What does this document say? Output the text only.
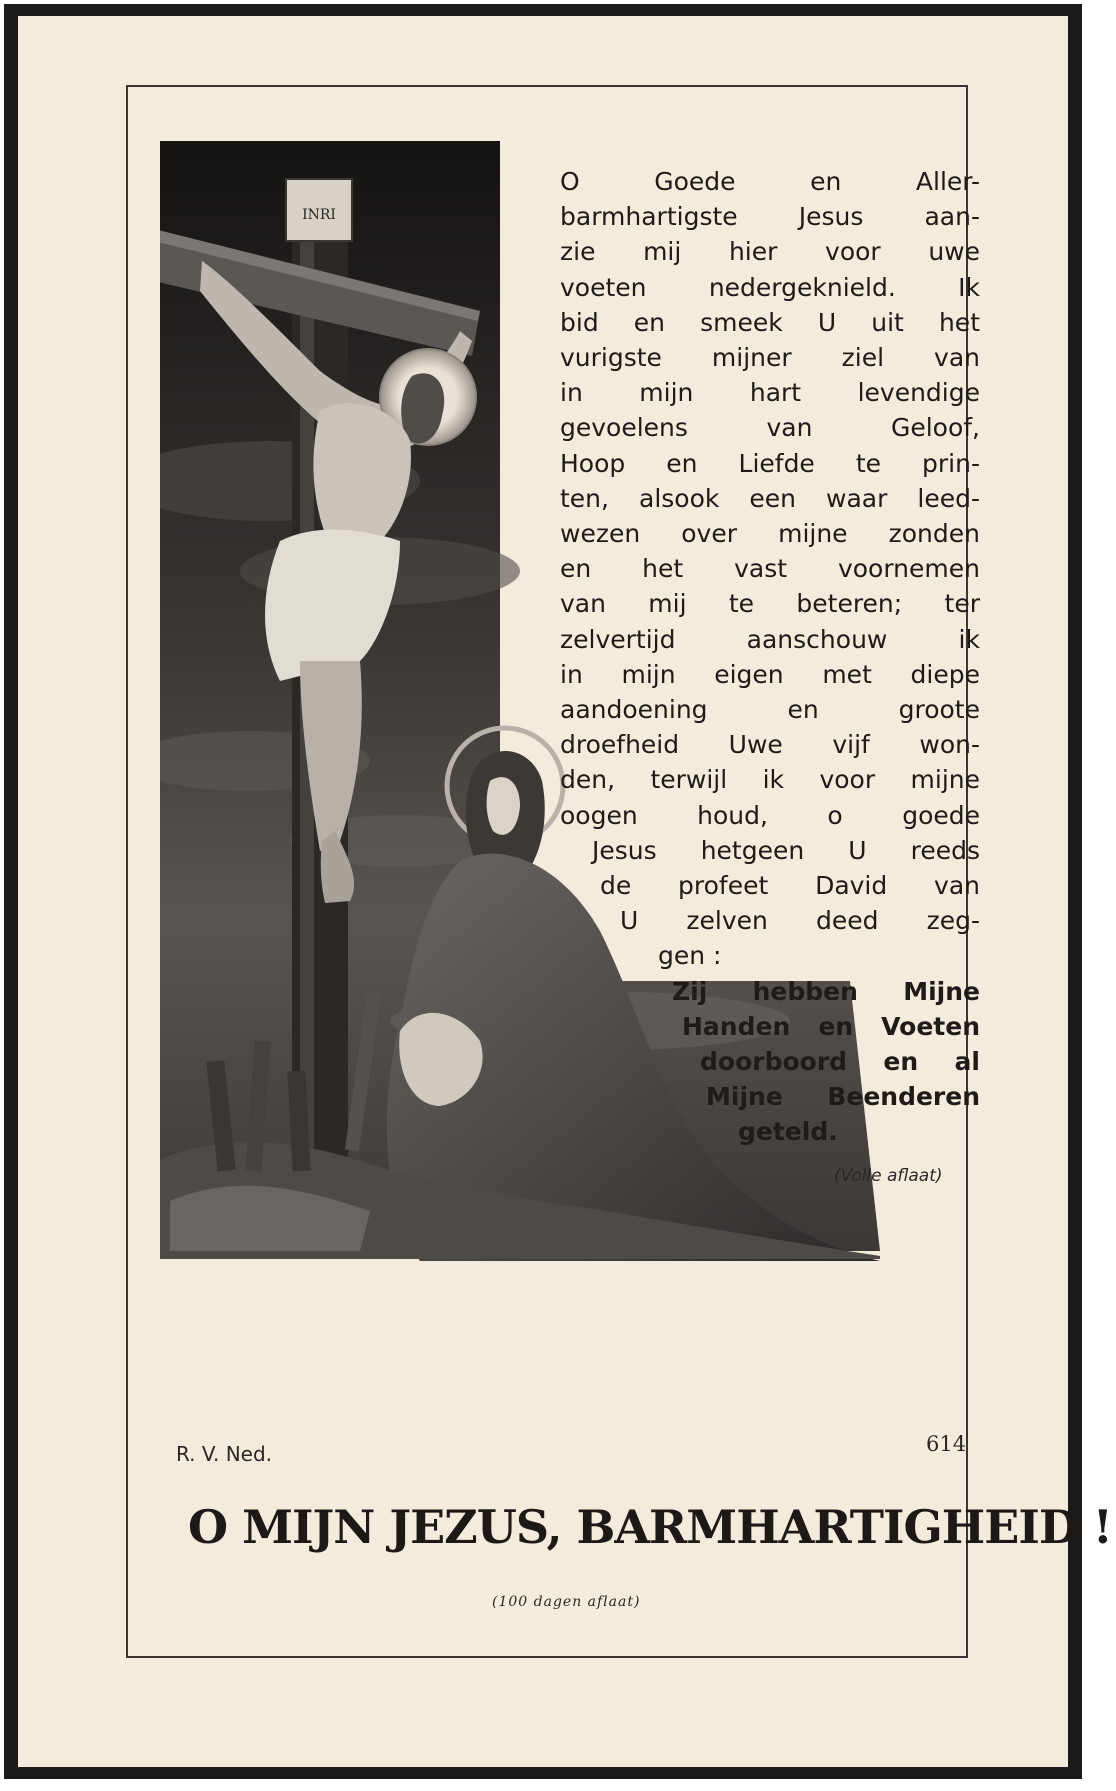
INRI
O Goede en Aller-
barmhartigste Jesus aan-
zie mij hier voor uwe
voeten nedergeknield. Ik
bid en smeek U uit het
vurigste mijner ziel van
in mijn hart levendige
gevoelens van Geloof,
Hoop en Liefde te prin-
ten, alsook een waar leed-
wezen over mijne zonden
en het vast voornemen
van mij te beteren; ter
zelvertijd aanschouw ik
in mijn eigen met diepe
aandoening en groote
droefheid Uwe vijf won-
den, terwijl ik voor mijne
oogen houd, o goede
Jesus hetgeen U reeds
de profeet David van
U zelven deed zeg-
gen :
Zij hebben Mijne
Handen en Voeten
doorboord en al
Mijne Beenderen
geteld.
(Volle aflaat)
R. V. Ned.	614
O MIJN JEZUS, BARMHARTIGHEID !
(100 dagen aflaat)
